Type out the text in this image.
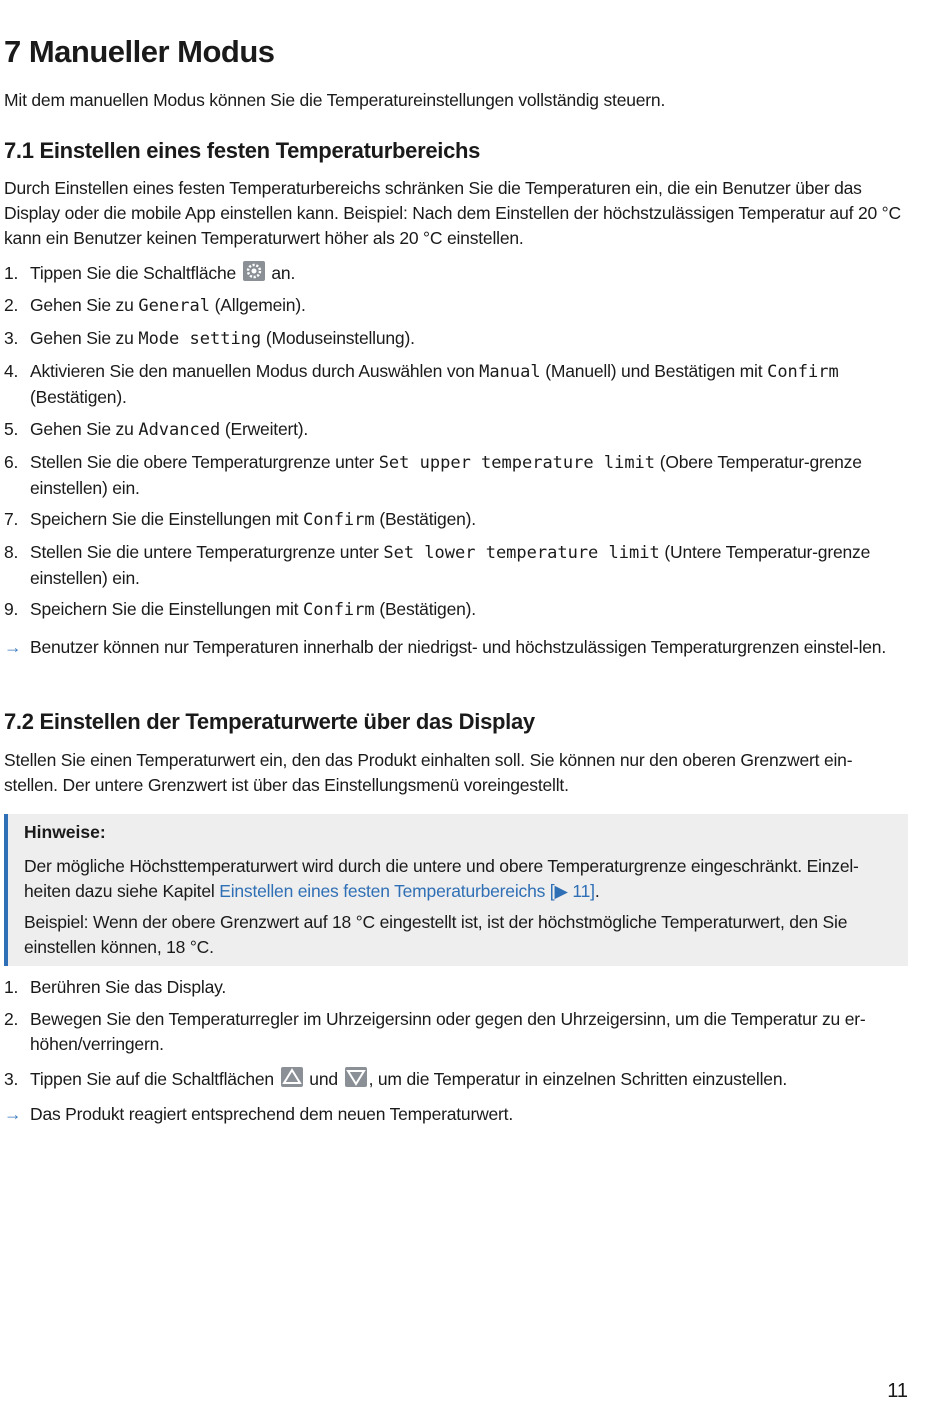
7 Manueller Modus

Mit dem manuellen Modus können Sie die Temperatureinstellungen vollständig steuern.

7.1 Einstellen eines festen Temperaturbereichs

Durch Einstellen eines festen Temperaturbereichs schränken Sie die Temperaturen ein, die ein Benutzer über das Display oder die mobile App einstellen kann. Beispiel: Nach dem Einstellen der höchstzulässigen Temperatur auf 20 °C kann ein Benutzer keinen Temperaturwert höher als 20 °C einstellen.

1. Tippen Sie die Schaltfläche an.
2. Gehen Sie zu General (Allgemein).
3. Gehen Sie zu Mode setting (Moduseinstellung).
4. Aktivieren Sie den manuellen Modus durch Auswählen von Manual (Manuell) und Bestätigen mit Confirm (Bestätigen).
5. Gehen Sie zu Advanced (Erweitert).
6. Stellen Sie die obere Temperaturgrenze unter Set upper temperature limit (Obere Temperatur-grenze einstellen) ein.
7. Speichern Sie die Einstellungen mit Confirm (Bestätigen).
8. Stellen Sie die untere Temperaturgrenze unter Set lower temperature limit (Untere Temperatur-grenze einstellen) ein.
9. Speichern Sie die Einstellungen mit Confirm (Bestätigen).
→ Benutzer können nur Temperaturen innerhalb der niedrigst- und höchstzulässigen Temperaturgrenzen einstel-len.
7.2 Einstellen der Temperaturwerte über das Display

Stellen Sie einen Temperaturwert ein, den das Produkt einhalten soll. Sie können nur den oberen Grenzwert ein-stellen. Der untere Grenzwert ist über das Einstellungsmenü voreingestellt.

Hinweise:

Der mögliche Höchsttemperaturwert wird durch die untere und obere Temperaturgrenze eingeschränkt. Einzel-heiten dazu siehe Kapitel Einstellen eines festen Temperaturbereichs [▶ 11].

Beispiel: Wenn der obere Grenzwert auf 18 °C eingestellt ist, ist der höchstmögliche Temperaturwert, den Sie einstellen können, 18 °C.

1. Berühren Sie das Display.
2. Bewegen Sie den Temperaturregler im Uhrzeigersinn oder gegen den Uhrzeigersinn, um die Temperatur zu er-höhen/verringern.
3. Tippen Sie auf die Schaltflächen und , um die Temperatur in einzelnen Schritten einzustellen.
→ Das Produkt reagiert entsprechend dem neuen Temperaturwert.
11
